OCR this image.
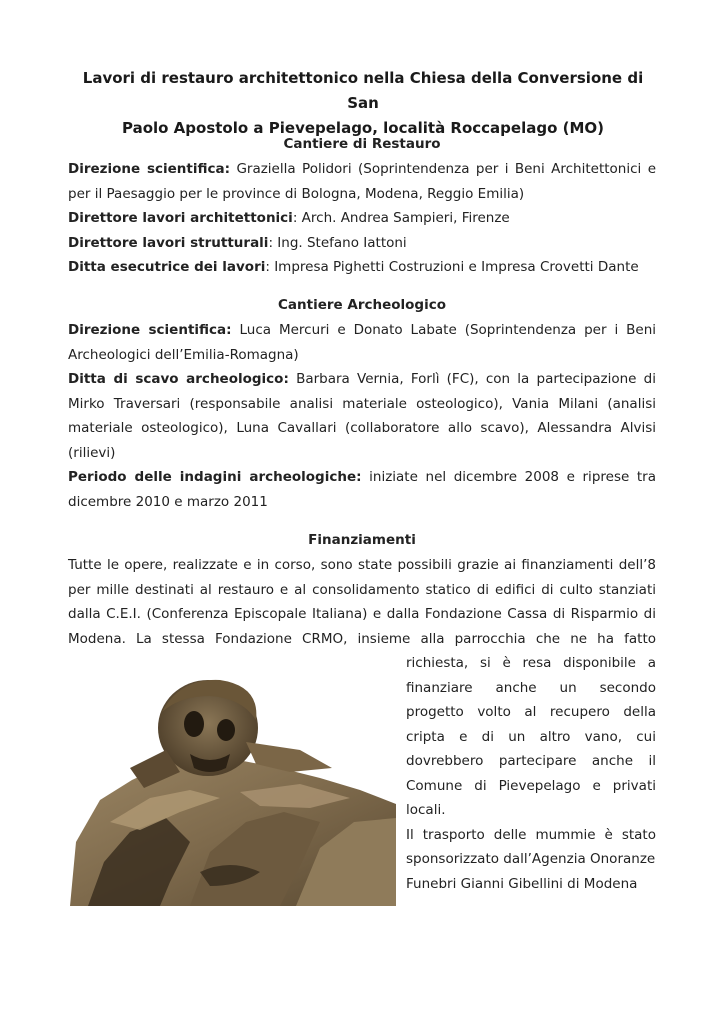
Lavori di restauro architettonico nella Chiesa della Conversione di San
Paolo Apostolo a Pievepelago, località Roccapelago (MO)
Cantiere di Restauro
Direzione scientifica: Graziella Polidori (Soprintendenza per i Beni Architettonici e
per il Paesaggio per le province di Bologna, Modena, Reggio Emilia)
Direttore lavori architettonici: Arch. Andrea Sampieri, Firenze
Direttore lavori strutturali: Ing. Stefano Iattoni
Ditta esecutrice dei lavori: Impresa Pighetti Costruzioni e Impresa Crovetti Dante
Cantiere Archeologico
Direzione scientifica: Luca Mercuri e Donato Labate (Soprintendenza per i Beni
Archeologici dell’Emilia-Romagna)
Ditta di scavo archeologico: Barbara Vernia, Forlì (FC), con la partecipazione di
Mirko Traversari (responsabile analisi materiale osteologico), Vania Milani (analisi
materiale osteologico), Luna Cavallari (collaboratore allo scavo), Alessandra Alvisi
(rilievi)
Periodo delle indagini archeologiche: iniziate nel dicembre 2008 e riprese tra
dicembre 2010 e marzo 2011
Finanziamenti
Tutte le opere, realizzate e in corso, sono state possibili grazie ai finanziamenti dell’8
per mille destinati al restauro e al consolidamento statico di edifici di culto stanziati
dalla C.E.I. (Conferenza Episcopale Italiana) e dalla Fondazione Cassa di Risparmio di
Modena. La stessa Fondazione CRMO, insieme alla parrocchia che ne ha fatto
richiesta, si è resa disponibile a
finanziare anche un secondo
progetto volto al recupero della
cripta e di un altro vano, cui
dovrebbero partecipare anche il
Comune di Pievepelago e privati
locali.
Il trasporto delle mummie è stato
sponsorizzato dall’Agenzia Onoranze
Funebri Gianni Gibellini di Modena
